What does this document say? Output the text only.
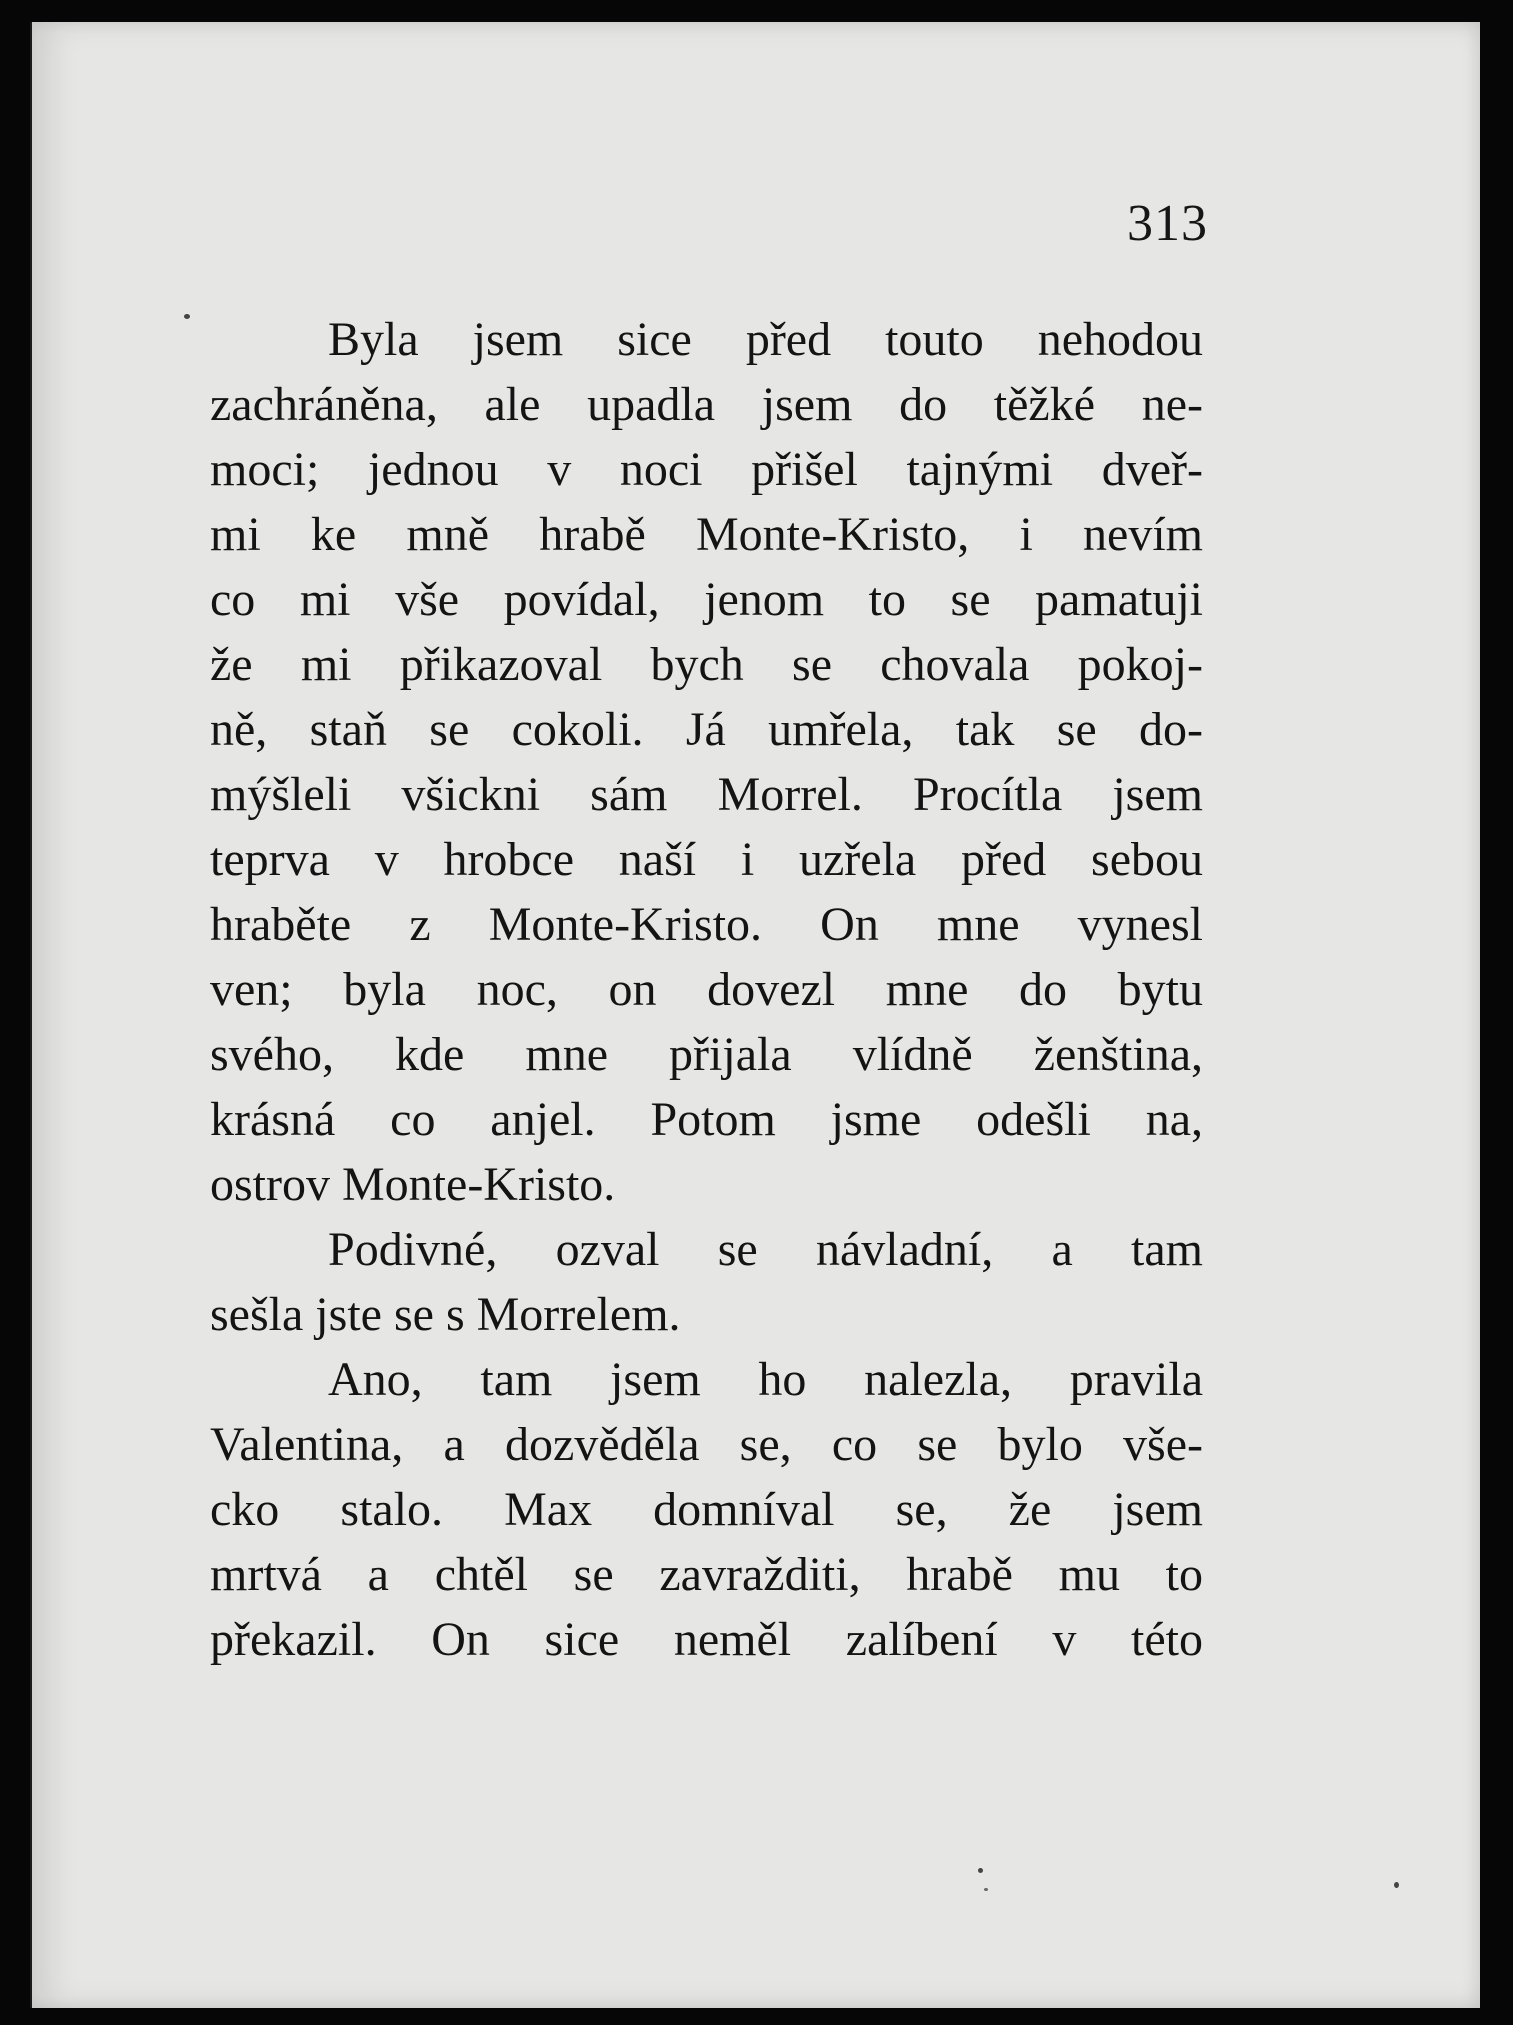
313
Byla jsem sice před touto nehodou
zachráněna, ale upadla jsem do těžké ne-
moci; jednou v noci přišel tajnými dveř-
mi ke mně hrabě Monte-Kristo, i nevím
co mi vše povídal, jenom to se pamatuji
že mi přikazoval bych se chovala pokoj-
ně, staň se cokoli. Já umřela, tak se do-
mýšleli všickni sám Morrel. Procítla jsem
teprva v hrobce naší i uzřela před sebou
hraběte z Monte-Kristo. On mne vynesl
ven; byla noc, on dovezl mne do bytu
svého, kde mne přijala vlídně ženština,
krásná co anjel. Potom jsme odešli na,
ostrov Monte-Kristo.
Podivné, ozval se návladní, a tam
sešla jste se s Morrelem.
Ano, tam jsem ho nalezla, pravila
Valentina, a dozvěděla se, co se bylo vše-
cko stalo. Max domníval se, že jsem
mrtvá a chtěl se zavražditi, hrabě mu to
překazil. On sice neměl zalíbení v této
